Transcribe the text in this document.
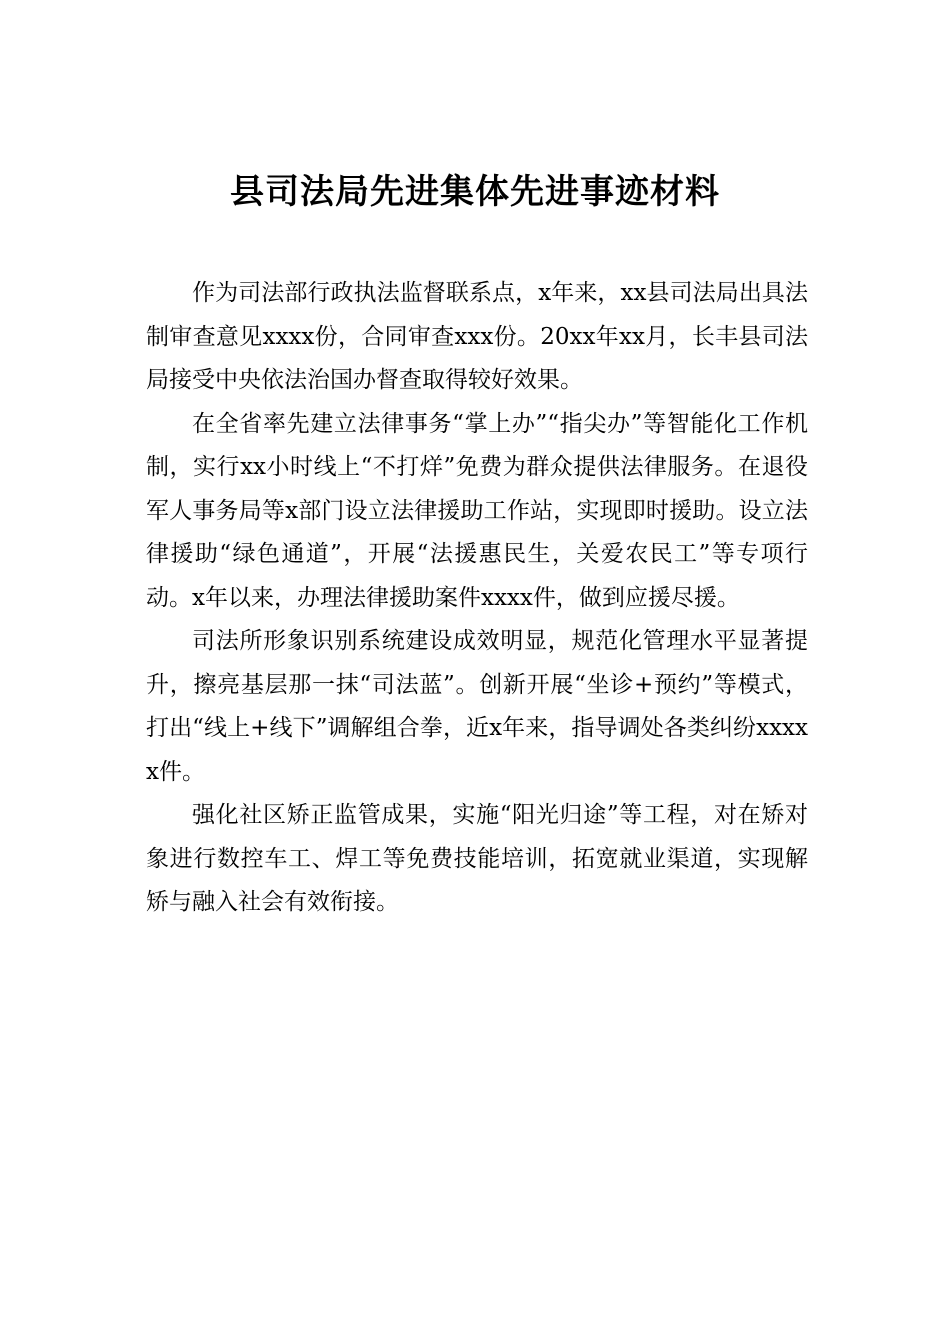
县司法局先进集体先进事迹材料

作为司法部行政执法监督联系点，x年来，xx县司法局出具法制审查意见xxxx份，合同审查xxx份。20xx年xx月，长丰县司法局接受中央依法治国办督查取得较好效果。

在全省率先建立法律事务“掌上办”“指尖办”等智能化工作机制，实行xx小时线上“不打烊”免费为群众提供法律服务。在退役军人事务局等x部门设立法律援助工作站，实现即时援助。设立法律援助“绿色通道”，开展“法援惠民生，关爱农民工”等专项行动。x年以来，办理法律援助案件xxxx件，做到应援尽援。

司法所形象识别系统建设成效明显，规范化管理水平显著提升，擦亮基层那一抹“司法蓝”。创新开展“坐诊+预约”等模式，打出“线上+线下”调解组合拳，近x年来，指导调处各类纠纷xxxxx件。

强化社区矫正监管成果，实施“阳光归途”等工程，对在矫对象进行数控车工、焊工等免费技能培训，拓宽就业渠道，实现解矫与融入社会有效衔接。
